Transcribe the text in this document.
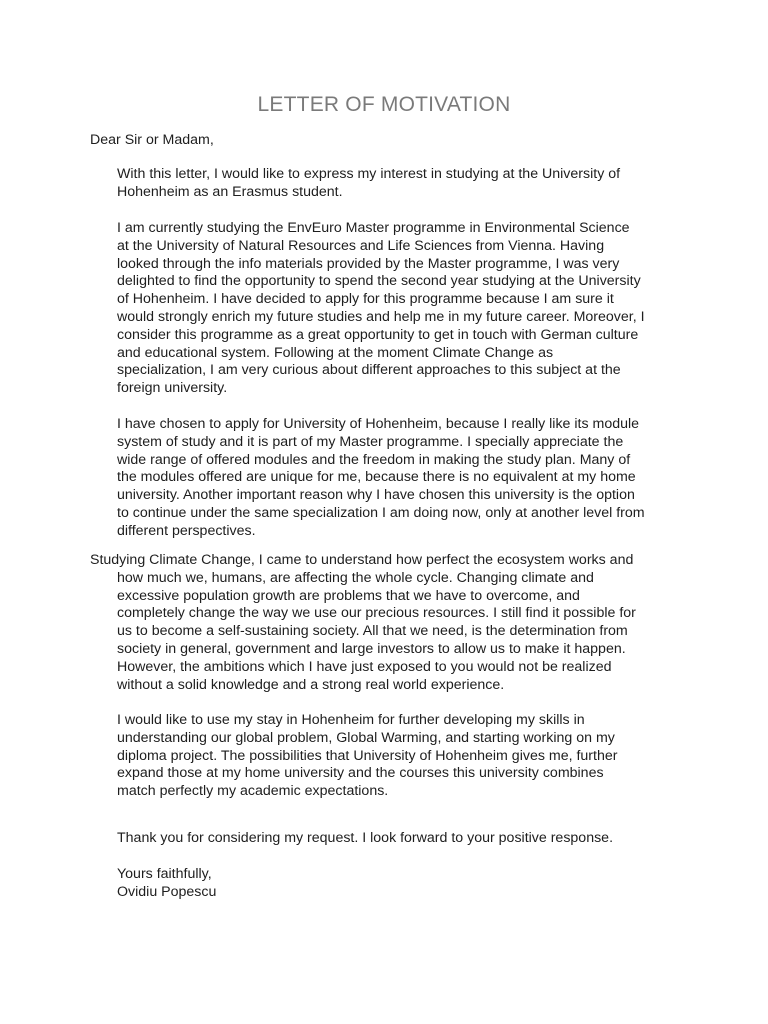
LETTER OF MOTIVATION
Dear Sir or Madam,
With this letter, I would like to express my interest in studying at the University of
Hohenheim as an Erasmus student.
I am currently studying the EnvEuro Master programme in Environmental Science
at the University of Natural Resources and Life Sciences from Vienna. Having
looked through the info materials provided by the Master programme, I was very
delighted to find the opportunity to spend the second year studying at the University
of Hohenheim. I have decided to apply for this programme because I am sure it
would strongly enrich my future studies and help me in my future career. Moreover, I
consider this programme as a great opportunity to get in touch with German culture
and educational system. Following at the moment Climate Change as
specialization, I am very curious about different approaches to this subject at the
foreign university.
I have chosen to apply for University of Hohenheim, because I really like its module
system of study and it is part of my Master programme. I specially appreciate the
wide range of offered modules and the freedom in making the study plan. Many of
the modules offered are unique for me, because there is no equivalent at my home
university. Another important reason why I have chosen this university is the option
to continue under the same specialization I am doing now, only at another level from
different perspectives.
Studying Climate Change, I came to understand how perfect the ecosystem works and
how much we, humans, are affecting the whole cycle. Changing climate and
excessive population growth are problems that we have to overcome, and
completely change the way we use our precious resources. I still find it possible for
us to become a self-sustaining society. All that we need, is the determination from
society in general, government and large investors to allow us to make it happen.
However, the ambitions which I have just exposed to you would not be realized
without a solid knowledge and a strong real world experience.
I would like to use my stay in Hohenheim for further developing my skills in
understanding our global problem, Global Warming, and starting working on my
diploma project. The possibilities that University of Hohenheim gives me, further
expand those at my home university and the courses this university combines
match perfectly my academic expectations.
Thank you for considering my request. I look forward to your positive response.
Yours faithfully,
Ovidiu Popescu
